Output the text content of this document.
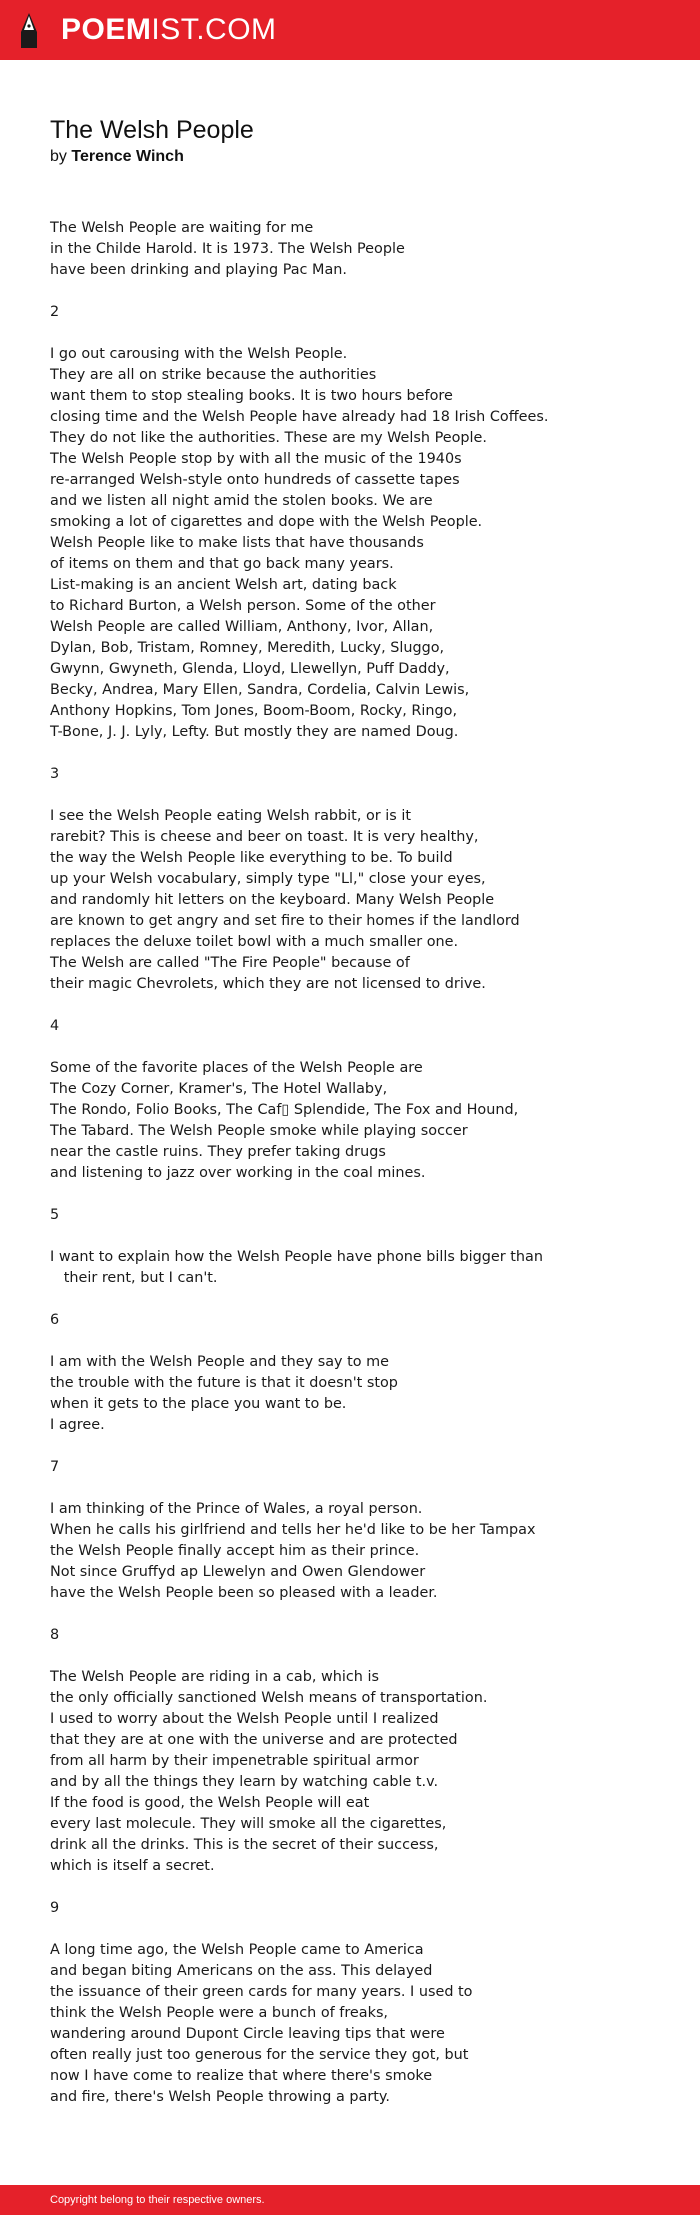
POEMIST.COM
The Welsh People
by Terence Winch
The Welsh People are waiting for me
in the Childe Harold. It is 1973. The Welsh People
have been drinking and playing Pac Man.
2
I go out carousing with the Welsh People.
They are all on strike because the authorities
want them to stop stealing books. It is two hours before
closing time and the Welsh People have already had 18 Irish Coffees.
They do not like the authorities. These are my Welsh People.
The Welsh People stop by with all the music of the 1940s
re-arranged Welsh-style onto hundreds of cassette tapes
and we listen all night amid the stolen books. We are
smoking a lot of cigarettes and dope with the Welsh People.
Welsh People like to make lists that have thousands
of items on them and that go back many years.
List-making is an ancient Welsh art, dating back
to Richard Burton, a Welsh person. Some of the other
Welsh People are called William, Anthony, Ivor, Allan,
Dylan, Bob, Tristam, Romney, Meredith, Lucky, Sluggo,
Gwynn, Gwyneth, Glenda, Lloyd, Llewellyn, Puff Daddy,
Becky, Andrea, Mary Ellen, Sandra, Cordelia, Calvin Lewis,
Anthony Hopkins, Tom Jones, Boom-Boom, Rocky, Ringo,
T-Bone, J. J. Lyly, Lefty. But mostly they are named Doug.
3
I see the Welsh People eating Welsh rabbit, or is it
rarebit? This is cheese and beer on toast. It is very healthy,
the way the Welsh People like everything to be. To build
up your Welsh vocabulary, simply type "Ll," close your eyes,
and randomly hit letters on the keyboard. Many Welsh People
are known to get angry and set fire to their homes if the landlord
replaces the deluxe toilet bowl with a much smaller one.
The Welsh are called "The Fire People" because of
their magic Chevrolets, which they are not licensed to drive.
4
Some of the favorite places of the Welsh People are
The Cozy Corner, Kramer's, The Hotel Wallaby,
The Rondo, Folio Books, The Caf▯ Splendide, The Fox and Hound,
The Tabard. The Welsh People smoke while playing soccer
near the castle ruins. They prefer taking drugs
and listening to jazz over working in the coal mines.
5
I want to explain how the Welsh People have phone bills bigger than
their rent, but I can't.
6
I am with the Welsh People and they say to me
the trouble with the future is that it doesn't stop
when it gets to the place you want to be.
I agree.
7
I am thinking of the Prince of Wales, a royal person.
When he calls his girlfriend and tells her he'd like to be her Tampax
the Welsh People finally accept him as their prince.
Not since Gruffyd ap Llewelyn and Owen Glendower
have the Welsh People been so pleased with a leader.
8
The Welsh People are riding in a cab, which is
the only officially sanctioned Welsh means of transportation.
I used to worry about the Welsh People until I realized
that they are at one with the universe and are protected
from all harm by their impenetrable spiritual armor
and by all the things they learn by watching cable t.v.
If the food is good, the Welsh People will eat
every last molecule. They will smoke all the cigarettes,
drink all the drinks. This is the secret of their success,
which is itself a secret.
9
A long time ago, the Welsh People came to America
and began biting Americans on the ass. This delayed
the issuance of their green cards for many years. I used to
think the Welsh People were a bunch of freaks,
wandering around Dupont Circle leaving tips that were
often really just too generous for the service they got, but
now I have come to realize that where there's smoke
and fire, there's Welsh People throwing a party.
Copyright belong to their respective owners.
